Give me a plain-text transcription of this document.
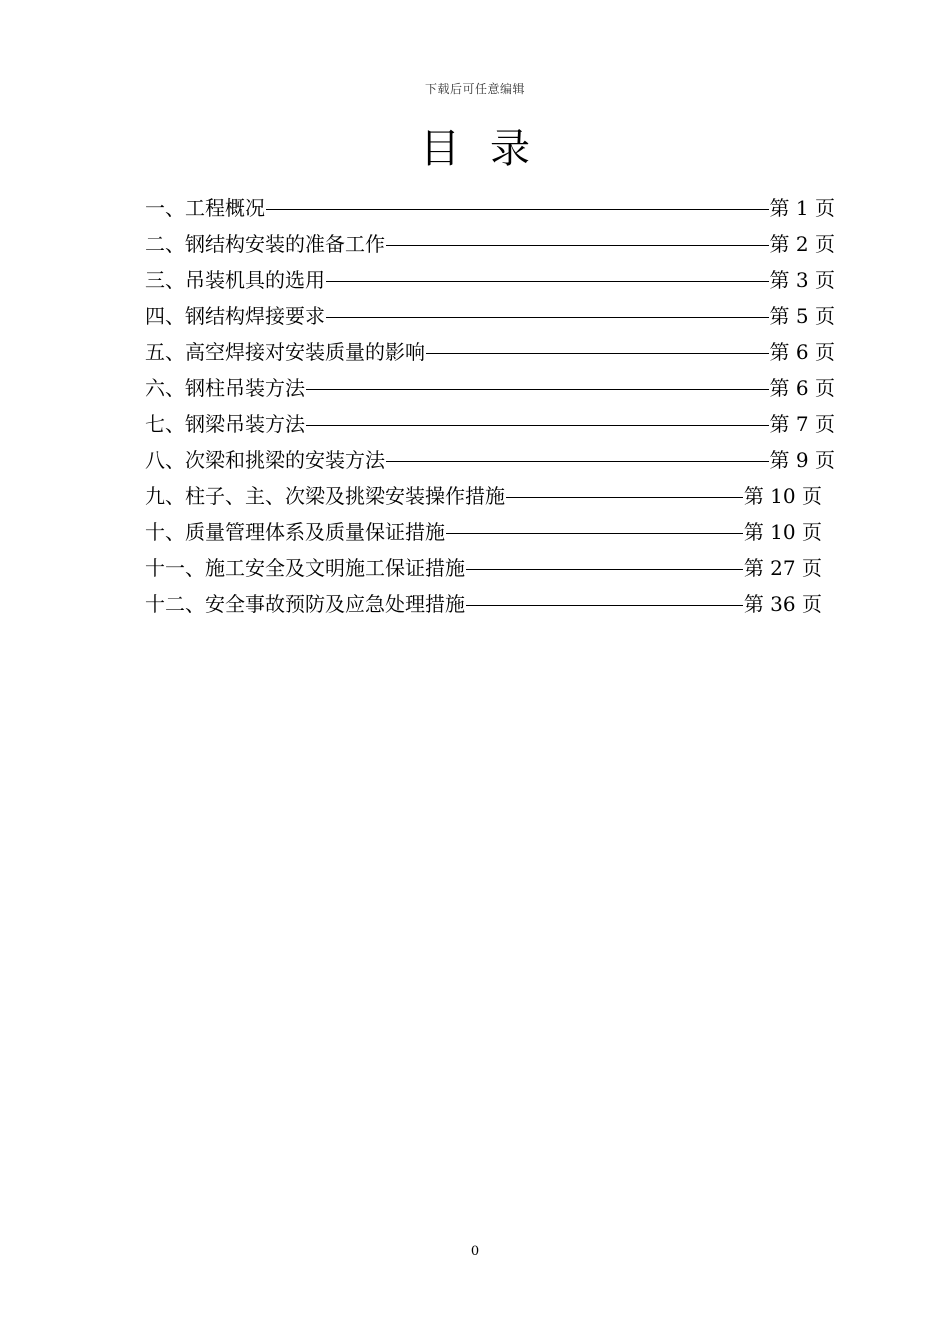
下载后可任意编辑
目录
一、工程概况	第 1 页
二、钢结构安装的准备工作	第 2 页
三、吊装机具的选用	第 3 页
四、钢结构焊接要求	第 5 页
五、高空焊接对安装质量的影响	第 6 页
六、钢柱吊装方法	第 6 页
七、钢梁吊装方法	第 7 页
八、次梁和挑梁的安装方法	第 9 页
九、柱子、主、次梁及挑梁安装操作措施	第 10 页
十、质量管理体系及质量保证措施	第 10 页
十一、施工安全及文明施工保证措施	第 27 页
十二、安全事故预防及应急处理措施	第 36 页
0
